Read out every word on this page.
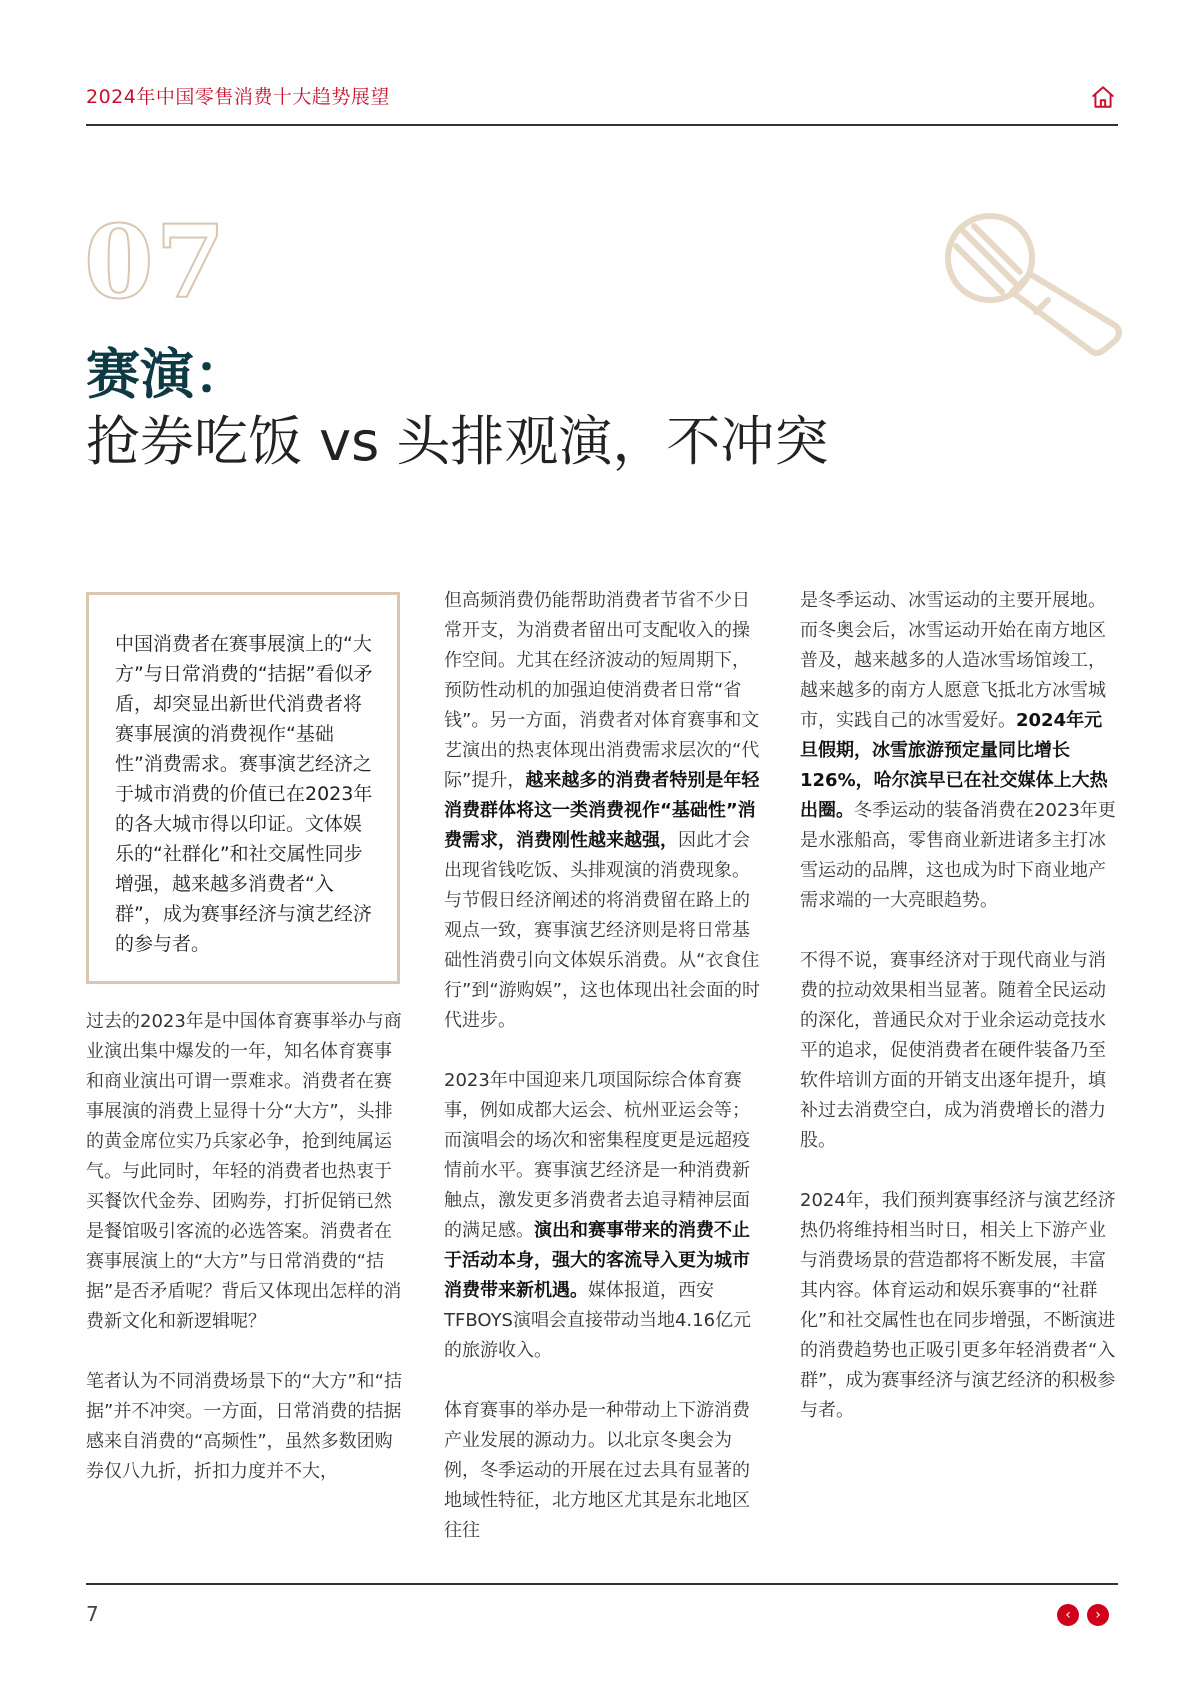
2024年中国零售消费十大趋势展望
07
赛演：
抢券吃饭 vs 头排观演，不冲突
中国消费者在赛事展演上的“大方”与日常消费的“拮据”看似矛盾，却突显出新世代消费者将赛事展演的消费视作“基础性”消费需求。赛事演艺经济之于城市消费的价值已在2023年的各大城市得以印证。文体娱乐的“社群化”和社交属性同步增强，越来越多消费者“入群”，成为赛事经济与演艺经济的参与者。

过去的2023年是中国体育赛事举办与商业演出集中爆发的一年，知名体育赛事和商业演出可谓一票难求。消费者在赛事展演的消费上显得十分“大方”，头排的黄金席位实乃兵家必争，抢到纯属运气。与此同时，年轻的消费者也热衷于买餐饮代金券、团购券，打折促销已然是餐馆吸引客流的必选答案。消费者在赛事展演上的“大方”与日常消费的“拮据”是否矛盾呢？背后又体现出怎样的消费新文化和新逻辑呢？

笔者认为不同消费场景下的“大方”和“拮据”并不冲突。一方面，日常消费的拮据感来自消费的“高频性”，虽然多数团购券仅八九折，折扣力度并不大，

但高频消费仍能帮助消费者节省不少日常开支，为消费者留出可支配收入的操作空间。尤其在经济波动的短周期下，预防性动机的加强迫使消费者日常“省钱”。另一方面，消费者对体育赛事和文艺演出的热衷体现出消费需求层次的“代际”提升，越来越多的消费者特别是年轻消费群体将这一类消费视作“基础性”消费需求，消费刚性越来越强，因此才会出现省钱吃饭、头排观演的消费现象。与节假日经济阐述的将消费留在路上的观点一致，赛事演艺经济则是将日常基础性消费引向文体娱乐消费。从“衣食住行”到“游购娱”，这也体现出社会面的时代进步。

2023年中国迎来几项国际综合体育赛事，例如成都大运会、杭州亚运会等；而演唱会的场次和密集程度更是远超疫情前水平。赛事演艺经济是一种消费新触点，激发更多消费者去追寻精神层面的满足感。演出和赛事带来的消费不止于活动本身，强大的客流导入更为城市消费带来新机遇。媒体报道，西安TFBOYS演唱会直接带动当地4.16亿元的旅游收入。

体育赛事的举办是一种带动上下游消费产业发展的源动力。以北京冬奥会为例，冬季运动的开展在过去具有显著的地域性特征，北方地区尤其是东北地区往往

是冬季运动、冰雪运动的主要开展地。而冬奥会后，冰雪运动开始在南方地区普及，越来越多的人造冰雪场馆竣工，越来越多的南方人愿意飞抵北方冰雪城市，实践自己的冰雪爱好。2024年元旦假期，冰雪旅游预定量同比增长126%，哈尔滨早已在社交媒体上大热出圈。冬季运动的装备消费在2023年更是水涨船高，零售商业新进诸多主打冰雪运动的品牌，这也成为时下商业地产需求端的一大亮眼趋势。

不得不说，赛事经济对于现代商业与消费的拉动效果相当显著。随着全民运动的深化，普通民众对于业余运动竞技水平的追求，促使消费者在硬件装备乃至软件培训方面的开销支出逐年提升，填补过去消费空白，成为消费增长的潜力股。

2024年，我们预判赛事经济与演艺经济热仍将维持相当时日，相关上下游产业与消费场景的营造都将不断发展，丰富其内容。体育运动和娱乐赛事的“社群化”和社交属性也在同步增强，不断演进的消费趋势也正吸引更多年轻消费者“入群”，成为赛事经济与演艺经济的积极参与者。

7	‹	›
